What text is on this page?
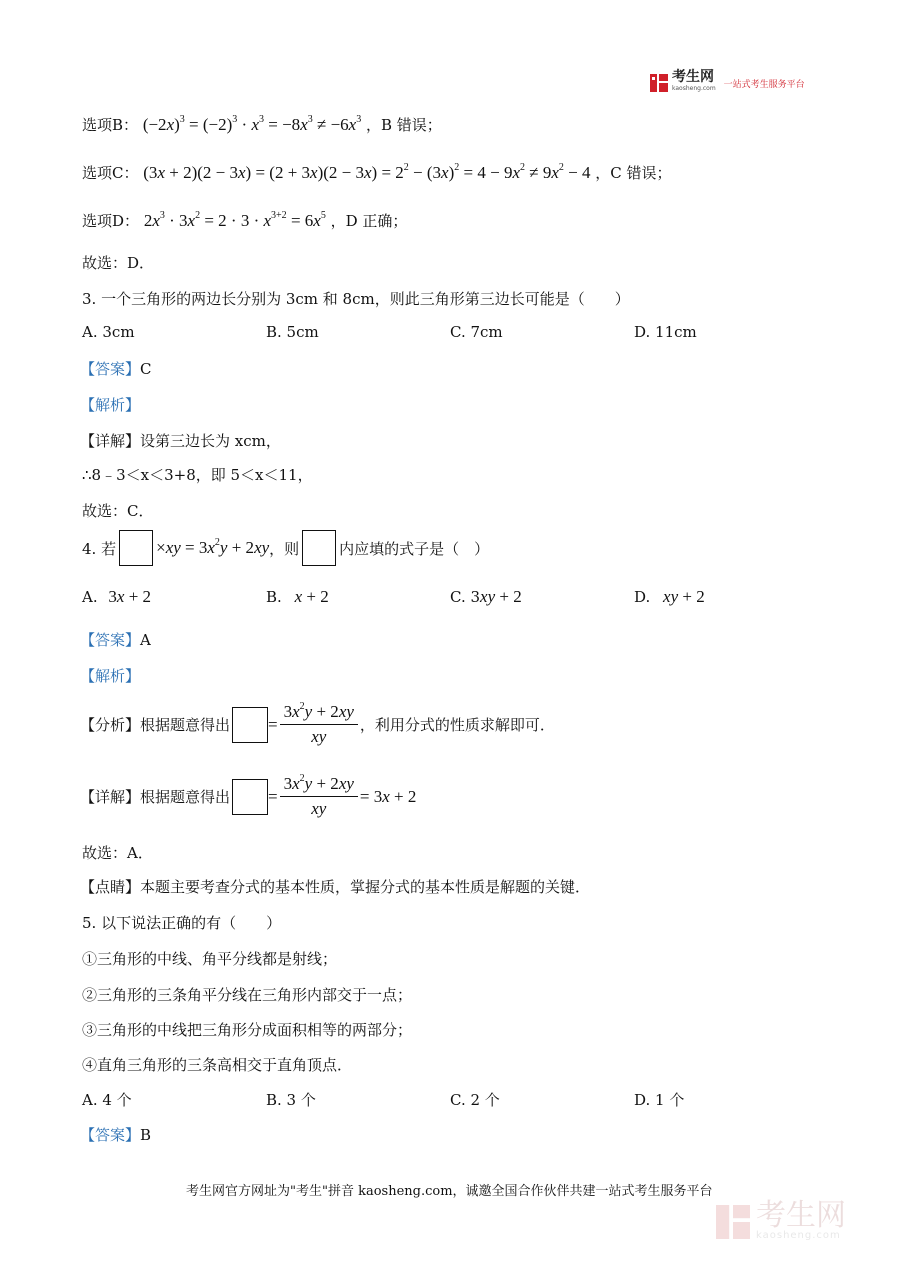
考生网
kaosheng.com 一站式考生服务平台
选项B： $(-2x)^3 = (-2)^3 \cdot x^3 = -8x^3 \ne -6x^3$ ，B 错误；
选项C： $(3x + 2)(2 - 3x) = (2 + 3x)(2 - 3x) = 2^2 - (3x)^2 = 4 - 9x^2 \ne 9x^2 - 4$ ，C 错误；
选项D： $2x^3 \cdot 3x^2 = 2 \cdot 3 \cdot x^{3+2} = 6x^5$ ，D 正确；
故选：D．
3. 一个三角形的两边长分别为 3cm 和 8cm，则此三角形第三边长可能是（　　）
A. 3cm	B. 5cm	C. 7cm	D. 11cm
【答案】C
【解析】
【详解】设第三边长为 xcm，
∴8﹣3＜x＜3+8，即 5＜x＜11，
故选：C．
4. 若 $\times xy = 3x^2y + 2xy$ ，则	内应填的式子是（　）
A. 3x + 2	B. x + 2	C. 3xy + 2	D. xy + 2
【答案】A
【解析】
【分析】 根据题意得出 = $\frac{3x^2y + 2xy}{xy}$ ，利用分式的性质求解即可．
【详解】 根据题意得出 = $\frac{3x^2y + 2xy}{xy} = 3x + 2$
故选：A．
【点睛】本题主要考查分式的基本性质，掌握分式的基本性质是解题的关键．
5. 以下说法正确的有（　　）
①三角形的中线、角平分线都是射线；
②三角形的三条角平分线在三角形内部交于一点；
③三角形的中线把三角形分成面积相等的两部分；
④直角三角形的三条高相交于直角顶点．
A. 4 个	B. 3 个	C. 2 个	D. 1 个
【答案】B
考生网官方网址为"考生"拼音 kaosheng.com，诚邀全国合作伙伴共建一站式考生服务平台
考生网
kaosheng.com
